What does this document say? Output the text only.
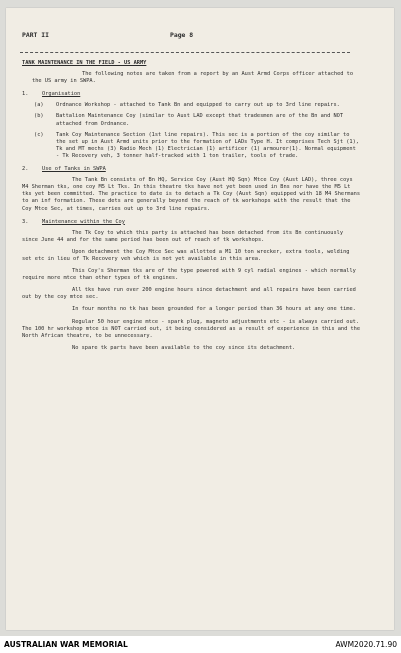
PART II	Page 8

TANK MAINTENANCE IN THE FIELD - US ARMY

The following notes are taken from a report by an Aust Armd Corps officer attached to the US army in SWPA.

1.	Organisation
(a)	Ordnance Workshop - attached to Tank Bn and equipped to carry out up to 3rd line repairs.
(b)	Battalion Maintenance Coy (similar to Aust LAD except that tradesmen are of the Bn and NOT attached from Ordnance.
(c)	Tank Coy Maintenance Section (1st line repairs). This sec is a portion of the coy similar to the set up in Aust Armd units prior to the formation of LADs Type H. It comprises Tech Sjt (1), Tk and MT mechs (3) Radio Mech (1) Electrician (1) artificer (1) armourer(1). Normal equipment - Tk Recovery veh, 3 tonner half-tracked with 1 ton trailer, tools of trade.
2.	Use of Tanks in SWPA

The Tank Bn consists of Bn HQ, Service Coy (Aust HQ Sqn) Mtce Coy (Aust LAD), three coys M4 Sherman tks, one coy M5 Lt Tks. In this theatre tks have not yet been used in Bns nor have the M5 Lt tks yet been committed. The practice to date is to detach a Tk Coy (Aust Sqn) equipped with 18 M4 Shermans to an inf formation. These dets are generally beyond the reach of tk workshops with the result that the Coy Mtce Sec, at times, carries out up to 3rd line repairs.

3.	Maintenance within the Coy

The Tk Coy to which this party is attached has been detached from its Bn continuously since June 44 and for the same period has been out of reach of tk workshops.

Upon detachment the Coy Mtce Sec was allotted a M1 10 ton wrecker, extra tools, welding set etc in lieu of Tk Recovery veh which is not yet available in this area.

This Coy's Sherman tks are of the type powered with 9 cyl radial engines - which normally require more mtce than other types of tk engines.

All tks have run over 200 engine hours since detachment and all repairs have been carried out by the coy mtce sec.

In four months no tk has been grounded for a longer period than 36 hours at any one time.

Regular 50 hour engine mtce - spark plug, magneto adjustments etc - is always carried out. The 100 hr workshop mtce is NOT carried out, it being considered as a result of experience in this and the North African theatre, to be unnecessary.

No spare tk parts have been available to the coy since its detachment.

AUSTRALIAN WAR MEMORIAL	AWM2020.71.90
